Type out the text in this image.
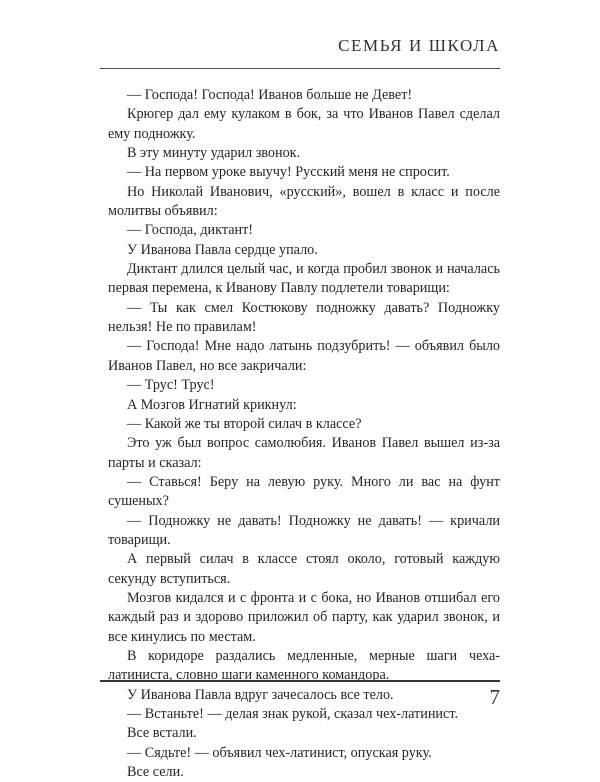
СЕМЬЯ И ШКОЛА

— Господа! Господа! Иванов больше не Девет!

Крюгер дал ему кулаком в бок, за что Иванов Павел сделал ему подножку.

В эту минуту ударил звонок.

— На первом уроке выучу! Русский меня не спросит.

Но Николай Иванович, «русский», вошел в класс и после молитвы объявил:

— Господа, диктант!

У Иванова Павла сердце упало.

Диктант длился целый час, и когда пробил звонок и началась первая перемена, к Иванову Павлу подлетели товарищи:

— Ты как смел Костюкову подножку давать? Подножку нельзя! Не по правилам!

— Господа! Мне надо латынь подзубрить! — объявил было Иванов Павел, но все закричали:

— Трус! Трус!

А Мозгов Игнатий крикнул:

— Какой же ты второй силач в классе?

Это уж был вопрос самолюбия. Иванов Павел вышел из-за парты и сказал:

— Ставься! Беру на левую руку. Много ли вас на фунт сушеных?

— Подножку не давать! Подножку не давать! — кричали товарищи.

А первый силач в классе стоял около, готовый каждую секунду вступиться.

Мозгов кидался и с фронта и с бока, но Иванов отшибал его каждый раз и здорово приложил об парту, как ударил звонок, и все кинулись по местам.

В коридоре раздались медленные, мерные шаги чеха-латиниста, словно шаги каменного командора.

У Иванова Павла вдруг зачесалось все тело.

— Встаньте! — делая знак рукой, сказал чех-латинист.

Все встали.

— Сядьте! — объявил чех-латинист, опуская руку.

Все сели.

7
